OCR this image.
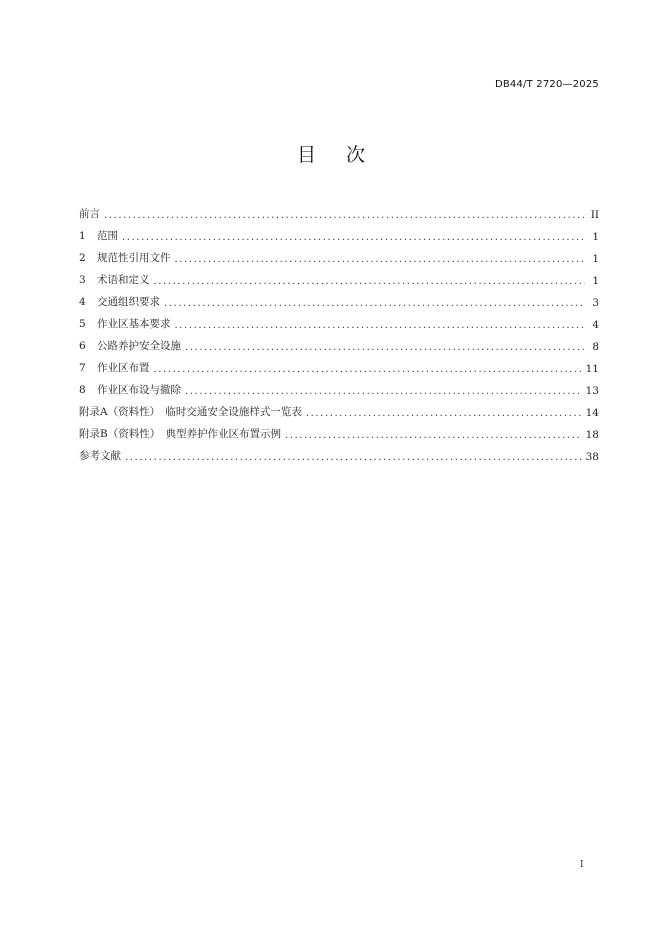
DB44/T 2720—2025
目 次
前言 .....	II
1 范围 .....	1
2 规范性引用文件 .....	1
3 术语和定义 .....	1
4 交通组织要求 .....	3
5 作业区基本要求 .....	4
6 公路养护安全设施 .....	8
7 作业区布置 .....	11
8 作业区布设与撤除 .....	13
附录A（资料性）　临时交通安全设施样式一览表 .....	14
附录B（资料性）　典型养护作业区布置示例 .....	18
参考文献 .....	38
I
